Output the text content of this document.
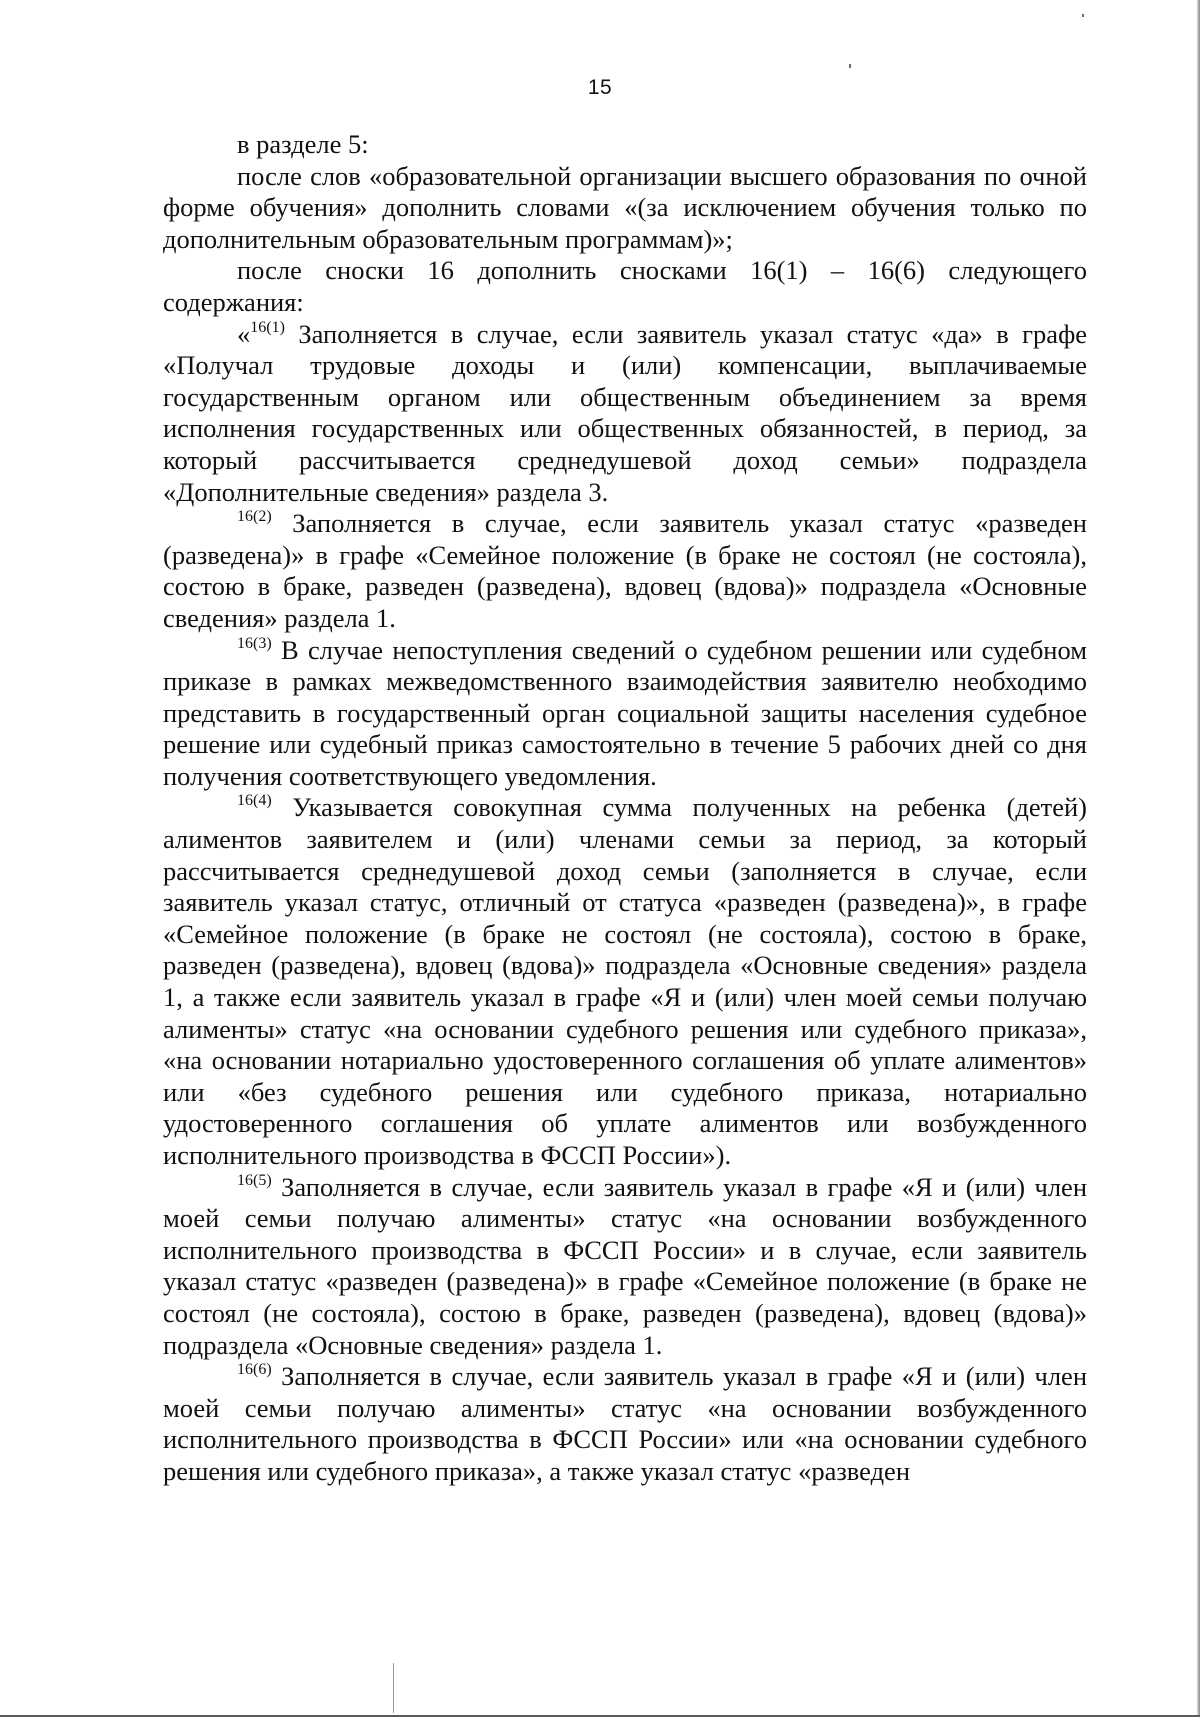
15

в разделе 5:

после слов «образовательной организации высшего образования по очной форме обучения» дополнить словами «(за исключением обучения только по дополнительным образовательным программам)»;

после сноски 16 дополнить сносками 16(1) – 16(6) следующего содержания:

«$^{16(1)}$ Заполняется в случае, если заявитель указал статус «да» в графе «Получал трудовые доходы и (или) компенсации, выплачиваемые государственным органом или общественным объединением за время исполнения государственных или общественных обязанностей, в период, за который рассчитывается среднедушевой доход семьи» подраздела «Дополнительные сведения» раздела 3.

$^{16(2)}$ Заполняется в случае, если заявитель указал статус «разведен (разведена)» в графе «Семейное положение (в браке не состоял (не состояла), состою в браке, разведен (разведена), вдовец (вдова)» подраздела «Основные сведения» раздела 1.

$^{16(3)}$ В случае непоступления сведений о судебном решении или судебном приказе в рамках межведомственного взаимодействия заявителю необходимо представить в государственный орган социальной защиты населения судебное решение или судебный приказ самостоятельно в течение 5 рабочих дней со дня получения соответствующего уведомления.

$^{16(4)}$ Указывается совокупная сумма полученных на ребенка (детей) алиментов заявителем и (или) членами семьи за период, за который рассчитывается среднедушевой доход семьи (заполняется в случае, если заявитель указал статус, отличный от статуса «разведен (разведена)», в графе «Семейное положение (в браке не состоял (не состояла), состою в браке, разведен (разведена), вдовец (вдова)» подраздела «Основные сведения» раздела 1, а также если заявитель указал в графе «Я и (или) член моей семьи получаю алименты» статус «на основании судебного решения или судебного приказа», «на основании нотариально удостоверенного соглашения об уплате алиментов» или «без судебного решения или судебного приказа, нотариально удостоверенного соглашения об уплате алиментов или возбужденного исполнительного производства в ФССП России»).

$^{16(5)}$ Заполняется в случае, если заявитель указал в графе «Я и (или) член моей семьи получаю алименты» статус «на основании возбужденного исполнительного производства в ФССП России» и в случае, если заявитель указал статус «разведен (разведена)» в графе «Семейное положение (в браке не состоял (не состояла), состою в браке, разведен (разведена), вдовец (вдова)» подраздела «Основные сведения» раздела 1.

$^{16(6)}$ Заполняется в случае, если заявитель указал в графе «Я и (или) член моей семьи получаю алименты» статус «на основании возбужденного исполнительного производства в ФССП России» или «на основании судебного решения или судебного приказа», а также указал статус «разведен
